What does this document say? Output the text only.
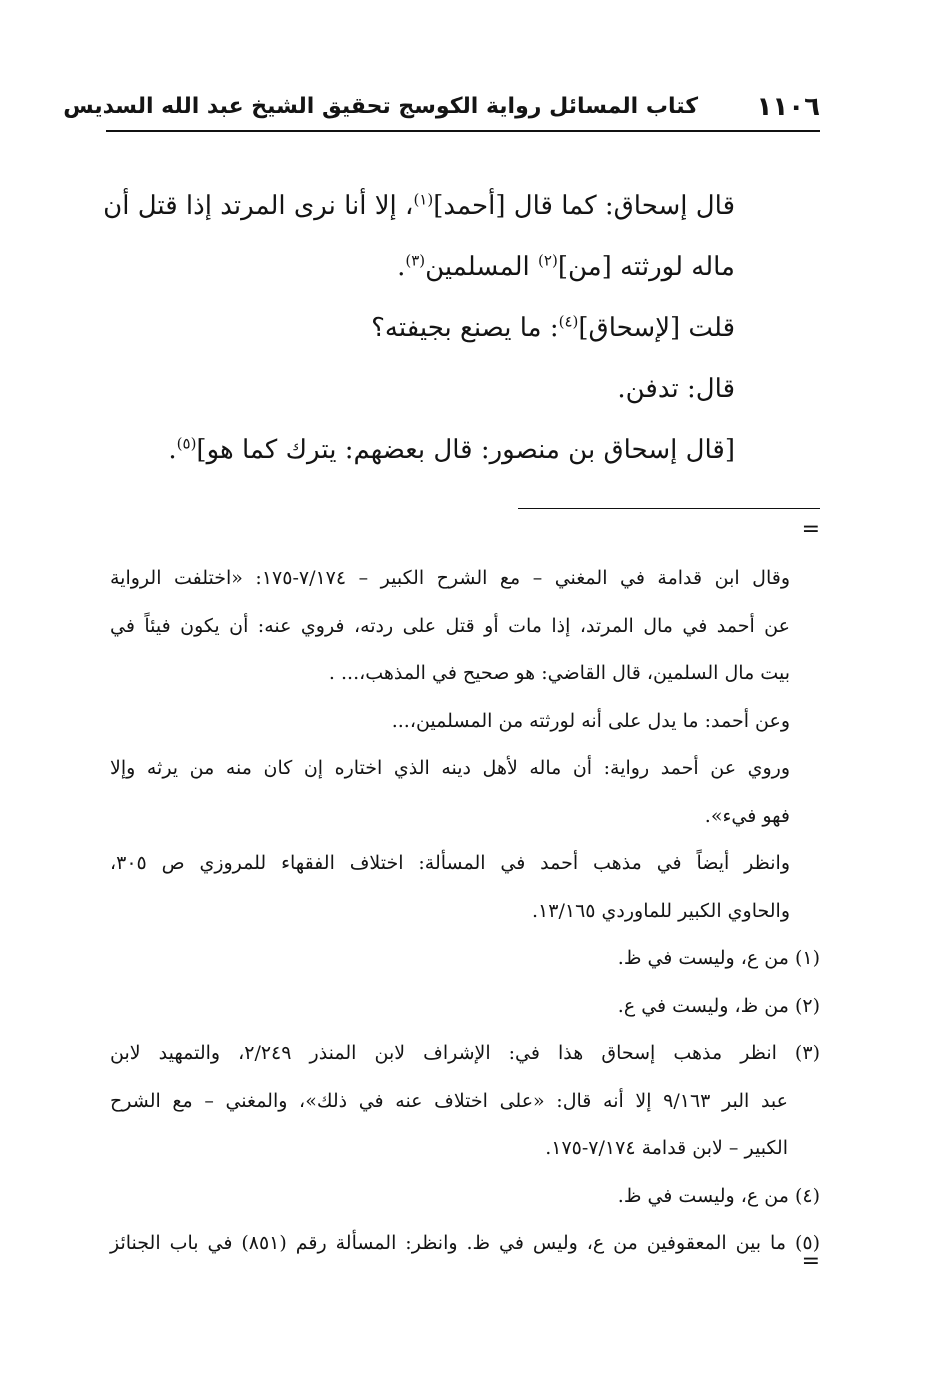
١١٠٦
كتاب المسائل رواية الكوسج تحقيق الشيخ عبد الله السديس
قال إسحاق: كما قال [أحمد]$^{(١)}$، إلا أنا نرى المرتد إذا قتل أن
ماله لورثته [من]$^{(٢)}$ المسلمين$^{(٣)}$.
قلت [لإسحاق]$^{(٤)}$: ما يصنع بجيفته؟
قال: تدفن.
[قال إسحاق بن منصور: قال بعضهم: يترك كما هو]$^{(٥)}$.
=
وقال ابن قدامة في المغني – مع الشرح الكبير – ٧/١٧٤-١٧٥: «اختلفت الرواية
عن أحمد في مال المرتد، إذا مات أو قتل على ردته، فروي عنه: أن يكون فيئاً في
بيت مال السلمين، قال القاضي: هو صحيح في المذهب،... .
وعن أحمد: ما يدل على أنه لورثته من المسلمين،...
وروي عن أحمد رواية: أن ماله لأهل دينه الذي اختاره إن كان منه من يرثه وإلا
فهو فيء».
وانظر أيضاً في مذهب أحمد في المسألة: اختلاف الفقهاء للمروزي ص ٣٠٥،
والحاوي الكبير للماوردي ١٣/١٦٥.
(١) من ع، وليست في ظ.
(٢) من ظ، وليست في ع.
(٣) انظر مذهب إسحاق هذا في: الإشراف لابن المنذر ٢/٢٤٩، والتمهيد لابن
عبد البر ٩/١٦٣ إلا أنه قال: «على اختلاف عنه في ذلك»، والمغني – مع الشرح
الكبير – لابن قدامة ٧/١٧٤-١٧٥.
(٤) من ع، وليست في ظ.
(٥) ما بين المعقوفين من ع، وليس في ظ. وانظر: المسألة رقم (٨٥١) في باب الجنائز
=
